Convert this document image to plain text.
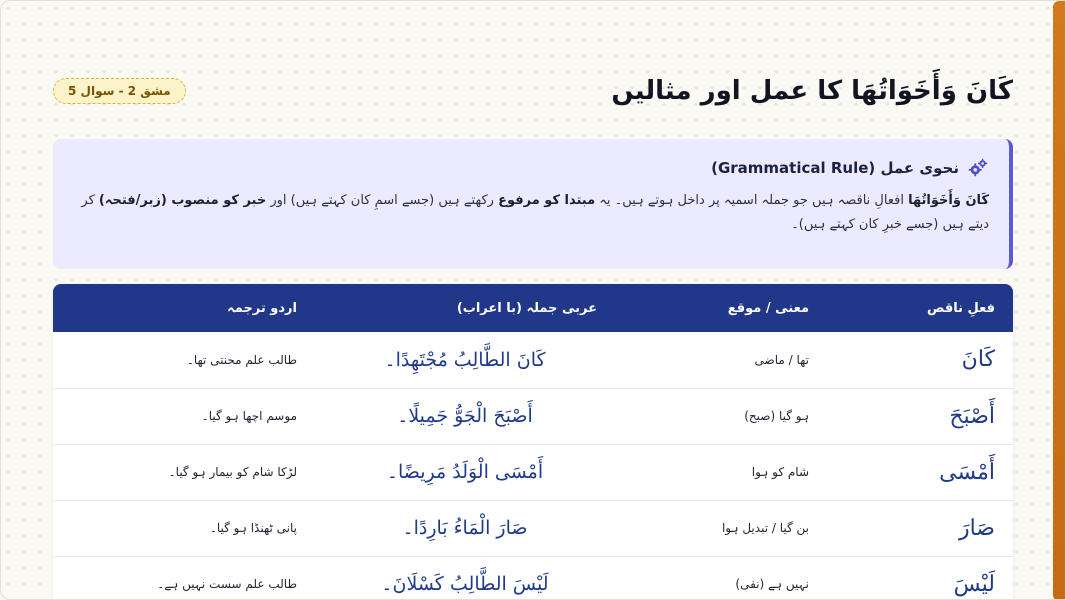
مشق 2 - سوال 5	كَانَ وَأَخَوَاتُهَا کا عمل اور مثالیں
نحوی عمل (Grammatical Rule)

كَانَ وَأَخَوَاتُهَا افعالِ ناقصہ ہیں جو جملہ اسمیہ پر داخل ہوتے ہیں۔ یہ مبتدا کو مرفوع رکھتے ہیں (جسے اسمِ کان کہتے ہیں) اور خبر کو منصوب (زبر/فتحہ) کر دیتے ہیں (جسے خبرِ کان کہتے ہیں)۔

فعلِ ناقص	معنی / موقع	عربی جملہ (با اعراب)	اردو ترجمہ
كَانَ	تھا / ماضی	كَانَ الطَّالِبُ مُجْتَهِدًا۔	طالب علم محنتی تھا۔
أَصْبَحَ	ہو گیا (صبح)	أَصْبَحَ الْجَوُّ جَمِيلًا۔	موسم اچھا ہو گیا۔
أَمْسَى	شام کو ہوا	أَمْسَى الْوَلَدُ مَرِيضًا۔	لڑکا شام کو بیمار ہو گیا۔
صَارَ	بن گیا / تبدیل ہوا	صَارَ الْمَاءُ بَارِدًا۔	پانی ٹھنڈا ہو گیا۔
لَيْسَ	نہیں ہے (نفی)	لَيْسَ الطَّالِبُ كَسْلَانَ۔	طالب علم سست نہیں ہے۔
